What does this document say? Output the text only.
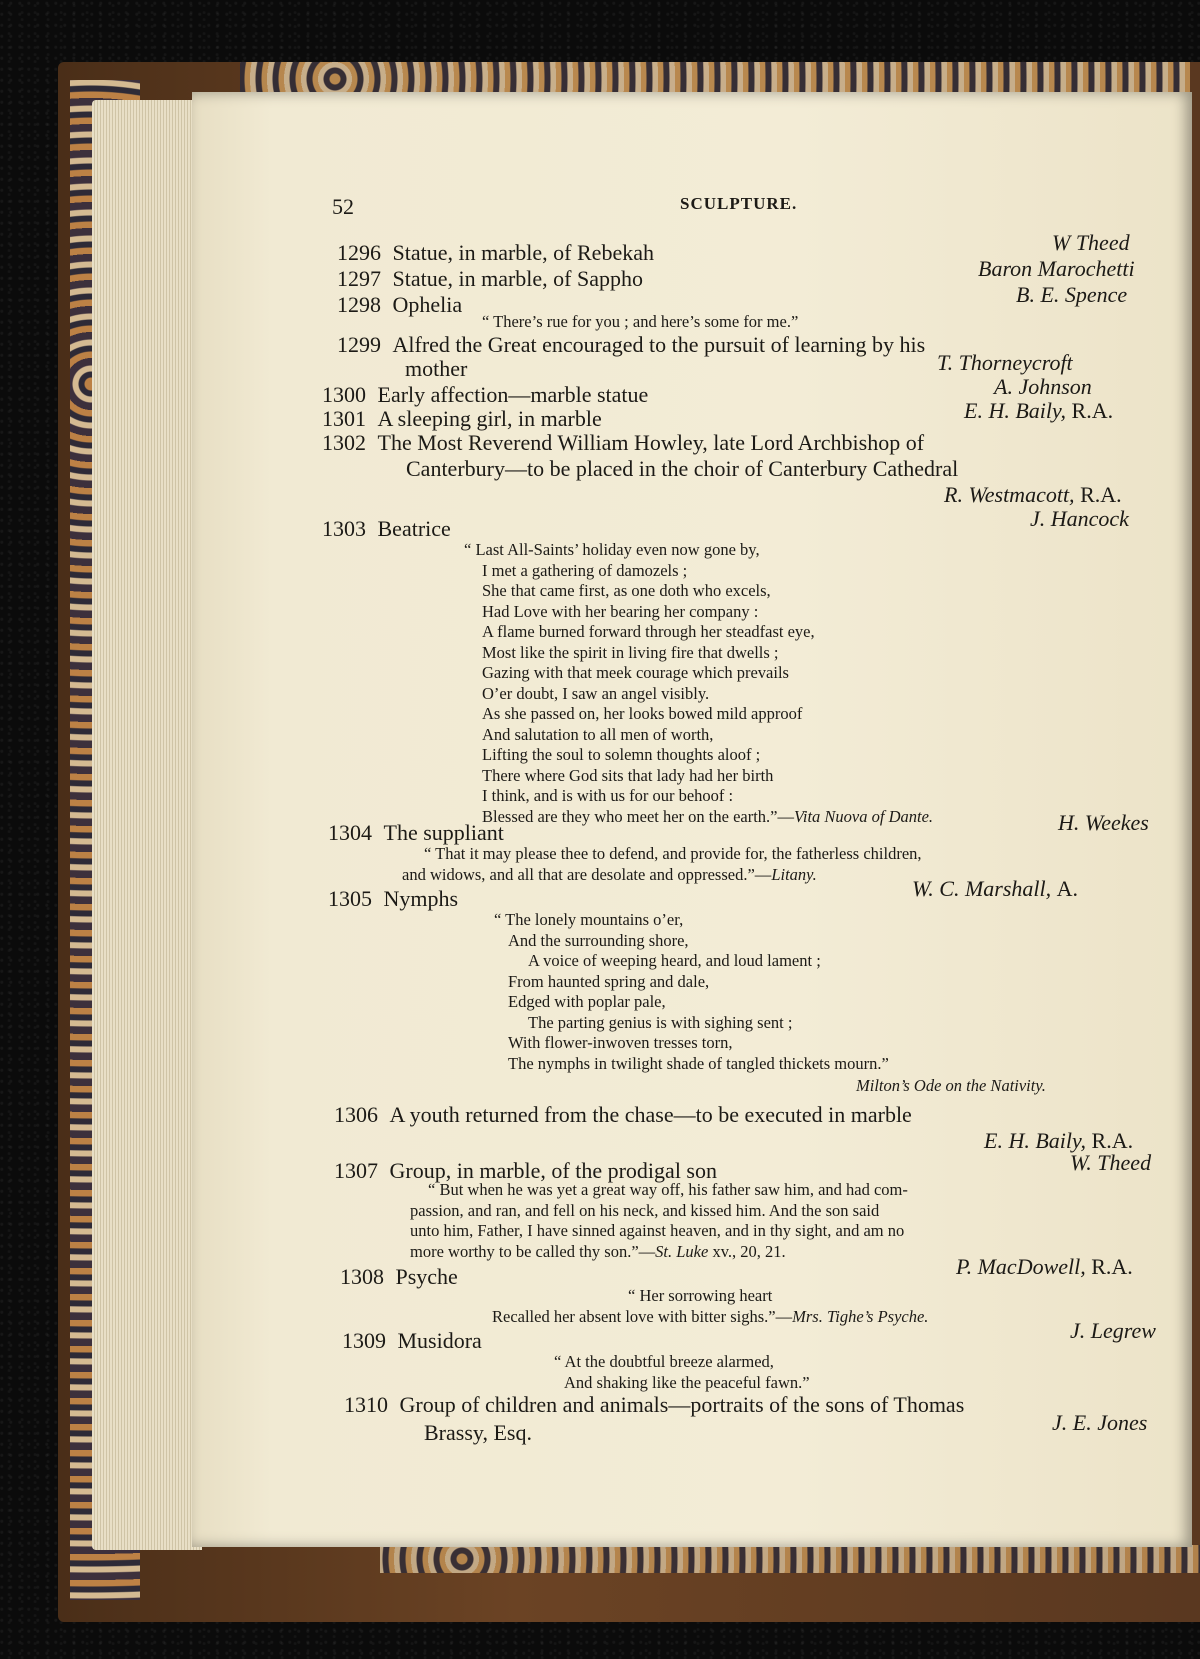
52	SCULPTURE.
1296 Statue, in marble, of Rebekah	W Theed
1297 Statue, in marble, of Sappho	Baron Marochetti
1298 Ophelia	B. E. Spence
“ There’s rue for you ; and here’s some for me.”
1299 Alfred the Great encouraged to the pursuit of learning by his
mother	T. Thorneycroft
1300 Early affection—marble statue	A. Johnson
1301 A sleeping girl, in marble	E. H. Baily, R.A.
1302 The Most Reverend William Howley, late Lord Archbishop of
Canterbury—to be placed in the choir of Canterbury Cathedral
R. Westmacott, R.A.
1303 Beatrice	J. Hancock
“ Last All-Saints’ holiday even now gone by,
I met a gathering of damozels ;
She that came first, as one doth who excels,
Had Love with her bearing her company :
A flame burned forward through her steadfast eye,
Most like the spirit in living fire that dwells ;
Gazing with that meek courage which prevails
O’er doubt, I saw an angel visibly.
As she passed on, her looks bowed mild approof
And salutation to all men of worth,
Lifting the soul to solemn thoughts aloof ;
There where God sits that lady had her birth
I think, and is with us for our behoof :
Blessed are they who meet her on the earth.”—Vita Nuova of Dante.
1304 The suppliant	H. Weekes
“ That it may please thee to defend, and provide for, the fatherless children,
and widows, and all that are desolate and oppressed.”—Litany.
1305 Nymphs	W. C. Marshall, A.
“ The lonely mountains o’er,
And the surrounding shore,
A voice of weeping heard, and loud lament ;
From haunted spring and dale,
Edged with poplar pale,
The parting genius is with sighing sent ;
With flower-inwoven tresses torn,
The nymphs in twilight shade of tangled thickets mourn.”
Milton’s Ode on the Nativity.
1306 A youth returned from the chase—to be executed in marble
E. H. Baily, R.A.
1307 Group, in marble, of the prodigal son	W. Theed
“ But when he was yet a great way off, his father saw him, and had com-
passion, and ran, and fell on his neck, and kissed him. And the son said
unto him, Father, I have sinned against heaven, and in thy sight, and am no
more worthy to be called thy son.”—St. Luke xv., 20, 21.
1308 Psyche	P. MacDowell, R.A.
“ Her sorrowing heart
Recalled her absent love with bitter sighs.”—Mrs. Tighe’s Psyche.
1309 Musidora	J. Legrew
“ At the doubtful breeze alarmed,
And shaking like the peaceful fawn.”
1310 Group of children and animals—portraits of the sons of Thomas
Brassy, Esq.	J. E. Jones
